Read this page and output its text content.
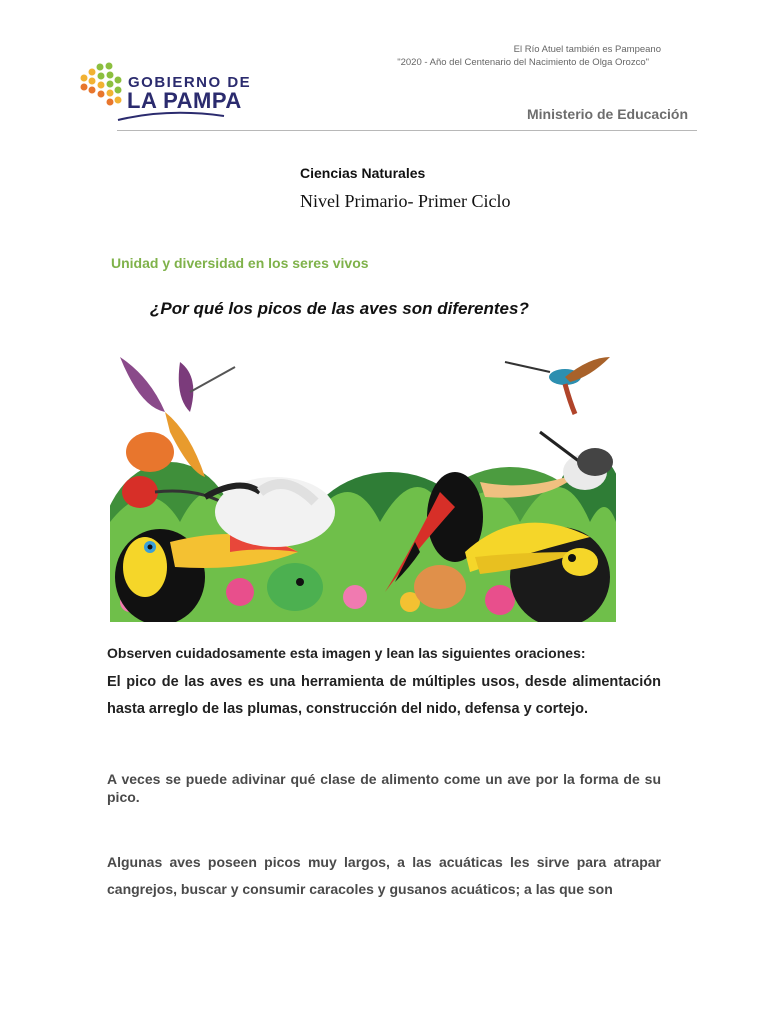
El Río Atuel también es Pampeano
"2020 - Año del Centenario del Nacimiento de Olga Orozco"
GOBIERNO DE
LA PAMPA
Ministerio de Educación
Ciencias Naturales
Nivel Primario- Primer Ciclo
Unidad y diversidad en los seres vivos
¿Por qué los picos de las aves son diferentes?
Observen cuidadosamente esta imagen y lean las siguientes oraciones:
El pico de las aves es una herramienta de múltiples usos, desde alimentación hasta arreglo de las plumas, construcción del nido, defensa y cortejo.
A veces se puede adivinar qué clase de alimento come un ave por la forma de su pico.
Algunas aves poseen picos muy largos, a las acuáticas les sirve para atrapar cangrejos, buscar y consumir caracoles y gusanos acuáticos; a las que son
